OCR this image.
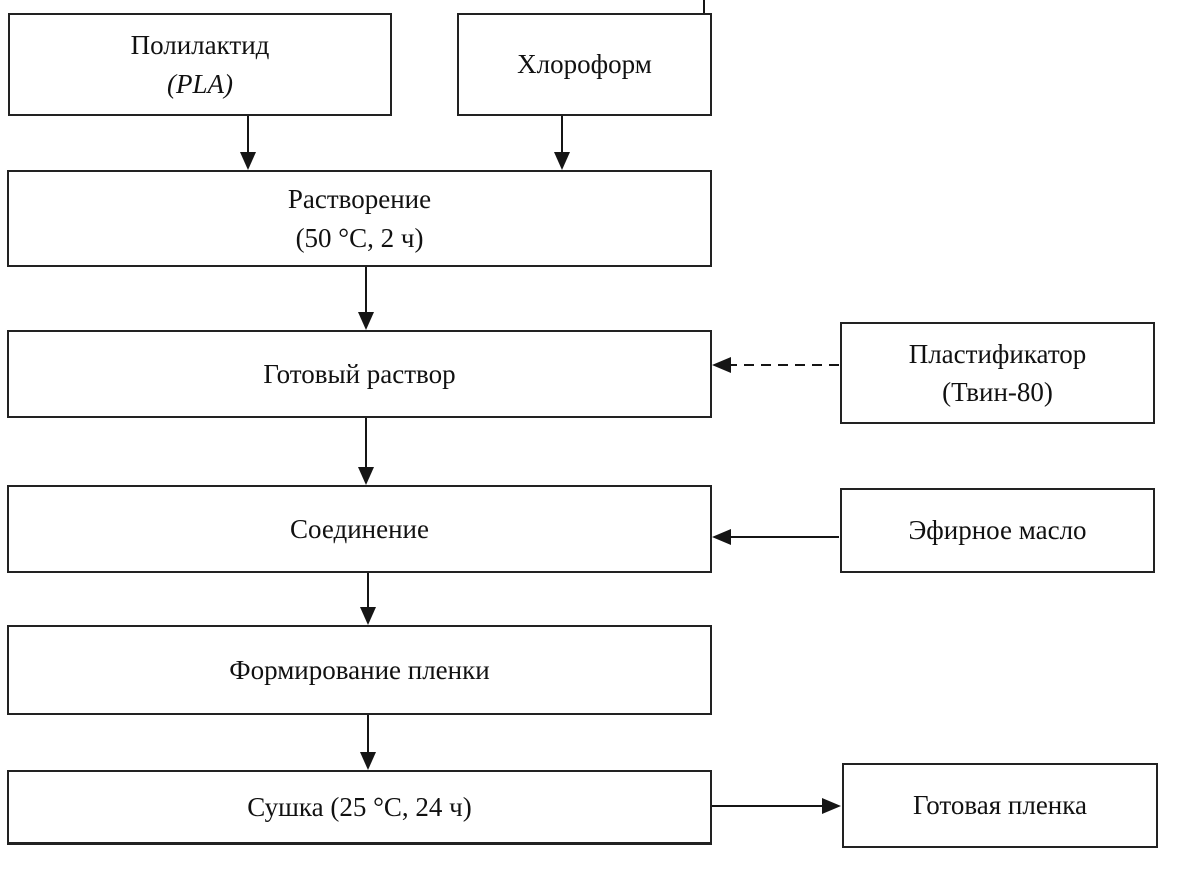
Полилактид
(PLA)
Хлороформ
Растворение
(50 °С, 2 ч)
Готовый раствор
Пластификатор
(Твин-80)
Соединение	Эфирное масло
Формирование пленки
Сушка (25 °С, 24 ч)	Готовая пленка
